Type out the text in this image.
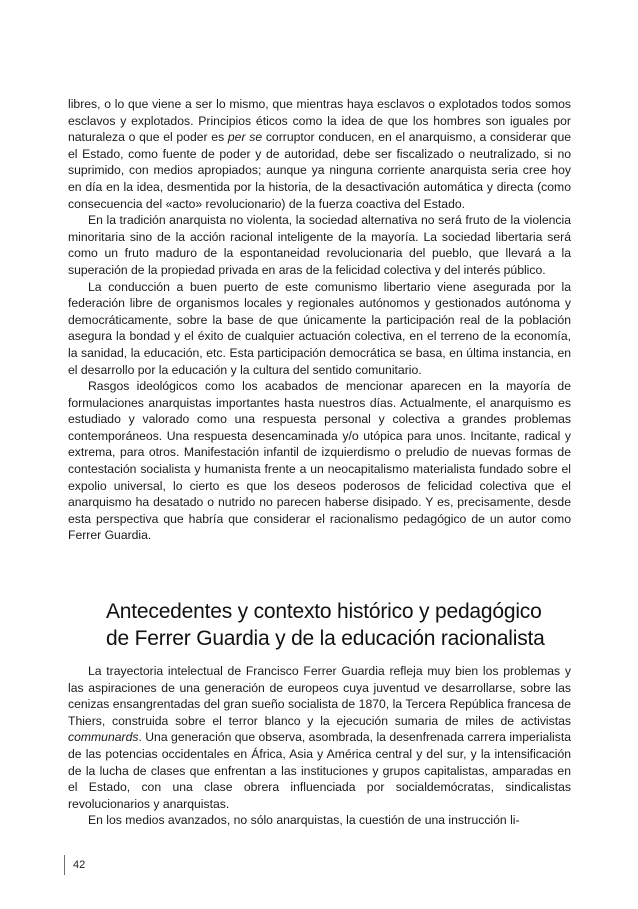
libres, o lo que viene a ser lo mismo, que mientras haya esclavos o explotados todos somos esclavos y explotados. Principios éticos como la idea de que los hombres son iguales por naturaleza o que el poder es per se corruptor conducen, en el anarquismo, a considerar que el Estado, como fuente de poder y de autoridad, debe ser fiscalizado o neutralizado, si no suprimido, con medios apropiados; aunque ya ninguna corriente anarquista seria cree hoy en día en la idea, desmentida por la historia, de la desactivación automática y directa (como consecuencia del «acto» revolucionario) de la fuerza coactiva del Estado.

En la tradición anarquista no violenta, la sociedad alternativa no será fruto de la violencia minoritaria sino de la acción racional inteligente de la mayoría. La sociedad libertaria será como un fruto maduro de la espontaneidad revolucionaria del pueblo, que llevará a la superación de la propiedad privada en aras de la felicidad colectiva y del interés público.

La conducción a buen puerto de este comunismo libertario viene asegurada por la federación libre de organismos locales y regionales autónomos y gestionados autónoma y democráticamente, sobre la base de que únicamente la participación real de la población asegura la bondad y el éxito de cualquier actuación colectiva, en el terreno de la economía, la sanidad, la educación, etc. Esta participación democrática se basa, en última instancia, en el desarrollo por la educación y la cultura del sentido comunitario.

Rasgos ideológicos como los acabados de mencionar aparecen en la mayoría de formulaciones anarquistas importantes hasta nuestros días. Actualmente, el anarquismo es estudiado y valorado como una respuesta personal y colectiva a grandes problemas contemporáneos. Una respuesta desencaminada y/o utópica para unos. Incitante, radical y extrema, para otros. Manifestación infantil de izquierdismo o preludio de nuevas formas de contestación socialista y humanista frente a un neocapitalismo materialista fundado sobre el expolio universal, lo cierto es que los deseos poderosos de felicidad colectiva que el anarquismo ha desatado o nutrido no parecen haberse disipado. Y es, precisamente, desde esta perspectiva que habría que considerar el racionalismo pedagógico de un autor como Ferrer Guardia.

Antecedentes y contexto histórico y pedagógico
de Ferrer Guardia y de la educación racionalista

La trayectoria intelectual de Francisco Ferrer Guardia refleja muy bien los problemas y las aspiraciones de una generación de europeos cuya juventud ve desarrollarse, sobre las cenizas ensangrentadas del gran sueño socialista de 1870, la Tercera República francesa de Thiers, construida sobre el terror blanco y la ejecución sumaria de miles de activistas communards. Una generación que observa, asombrada, la desenfrenada carrera imperialista de las potencias occidentales en África, Asia y América central y del sur, y la intensificación de la lucha de clases que enfrentan a las instituciones y grupos capitalistas, amparadas en el Estado, con una clase obrera influenciada por socialdemócratas, sindicalistas revolucionarios y anarquistas.

En los medios avanzados, no sólo anarquistas, la cuestión de una instrucción li-

42
